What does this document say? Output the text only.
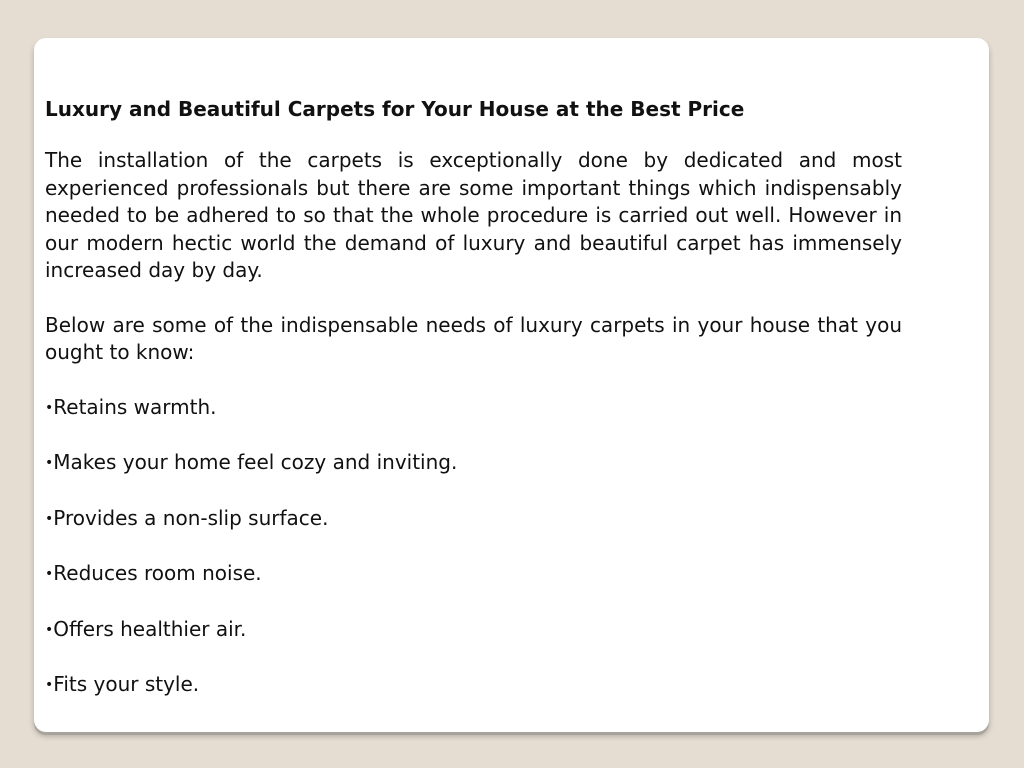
Luxury and Beautiful Carpets for Your House at the Best Price

The installation of the carpets is exceptionally done by dedicated and most experienced professionals but there are some important things which indispensably needed to be adhered to so that the whole procedure is carried out well. However in our modern hectic world the demand of luxury and beautiful carpet has immensely increased day by day.

Below are some of the indispensable needs of luxury carpets in your house that you ought to know:

• Retains warmth.
• Makes your home feel cozy and inviting.
• Provides a non-slip surface.
• Reduces room noise.
• Offers healthier air.
• Fits your style.
